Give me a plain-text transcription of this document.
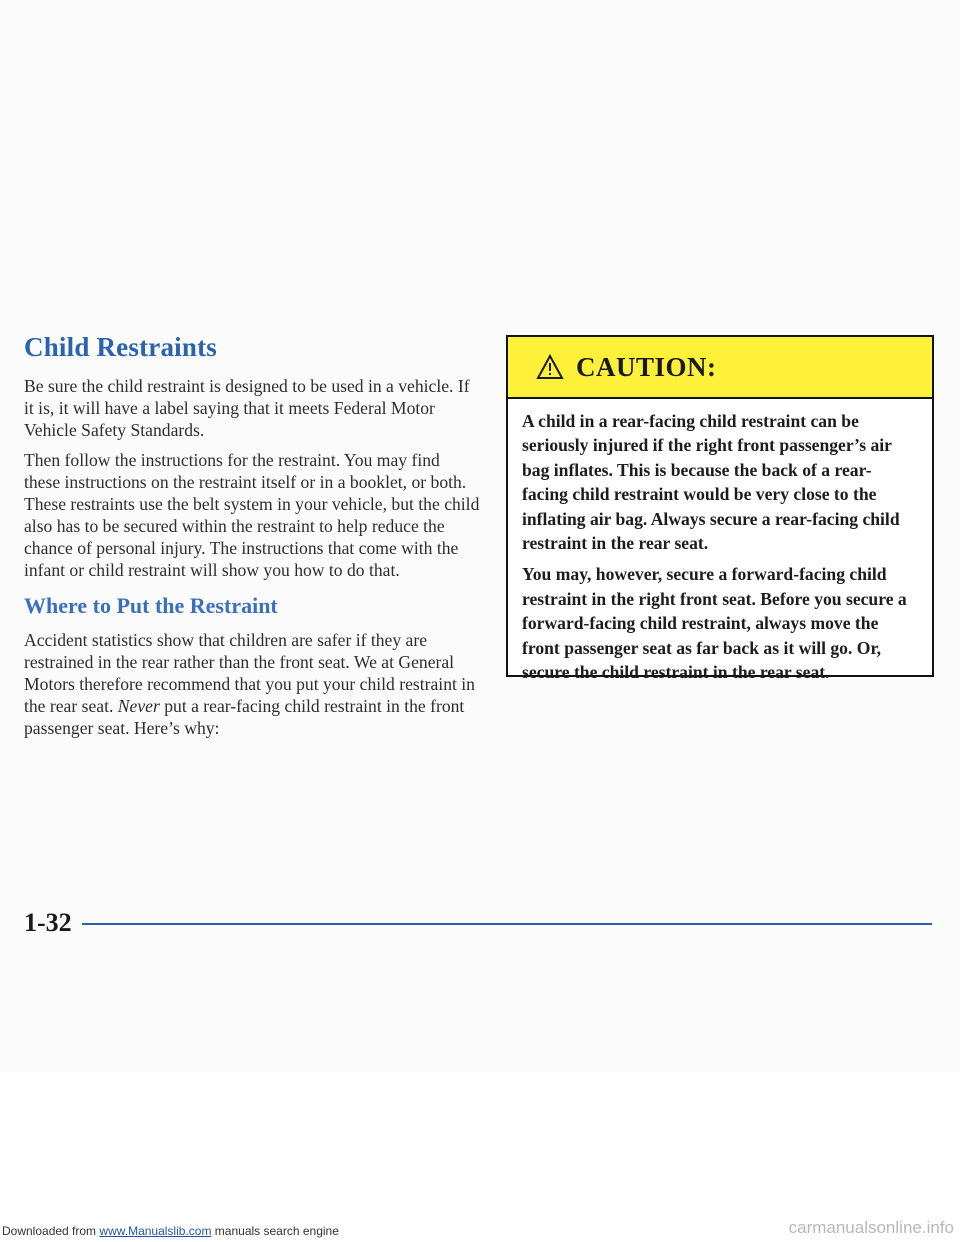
Child Restraints

Be sure the child restraint is designed to be used in a vehicle. If it is, it will have a label saying that it meets Federal Motor Vehicle Safety Standards.

Then follow the instructions for the restraint. You may find these instructions on the restraint itself or in a booklet, or both. These restraints use the belt system in your vehicle, but the child also has to be secured within the restraint to help reduce the chance of personal injury. The instructions that come with the infant or child restraint will show you how to do that.

Where to Put the Restraint

Accident statistics show that children are safer if they are restrained in the rear rather than the front seat. We at General Motors therefore recommend that you put your child restraint in the rear seat. Never put a rear-facing child restraint in the front passenger seat. Here’s why:

CAUTION:

A child in a rear-facing child restraint can be seriously injured if the right front passenger’s air bag inflates. This is because the back of a rear-facing child restraint would be very close to the inflating air bag. Always secure a rear-facing child restraint in the rear seat.

You may, however, secure a forward-facing child restraint in the right front seat. Before you secure a forward-facing child restraint, always move the front passenger seat as far back as it will go. Or, secure the child restraint in the rear seat.

1-32
Downloaded from www.Manualslib.com manuals search engine	carmanualsonline.info
